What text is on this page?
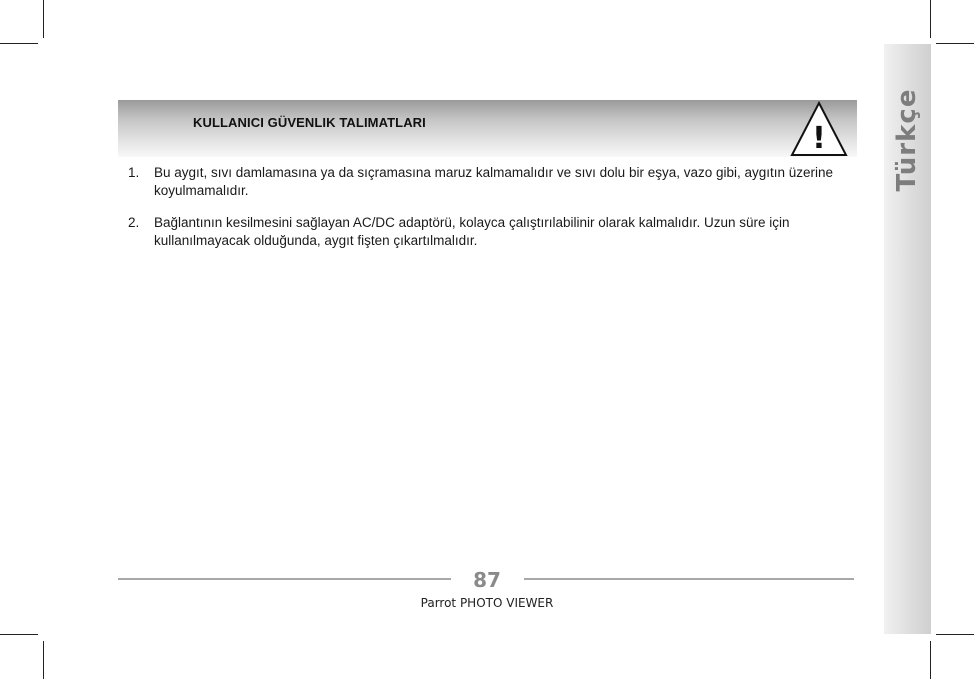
Türkçe
KULLANICI GÜVENLIK TALIMATLARI	!
1.	Bu aygıt, sıvı damlamasına ya da sıçramasına maruz kalmamalıdır ve sıvı dolu bir eşya, vazo gibi, aygıtın üzerine koyulmamalıdır.
2.	Bağlantının kesilmesini sağlayan AC/DC adaptörü, kolayca çalıştırılabilinir olarak kalmalıdır. Uzun süre için kullanılmayacak olduğunda, aygıt fişten çıkartılmalıdır.
87
Parrot PHOTO VIEWER
